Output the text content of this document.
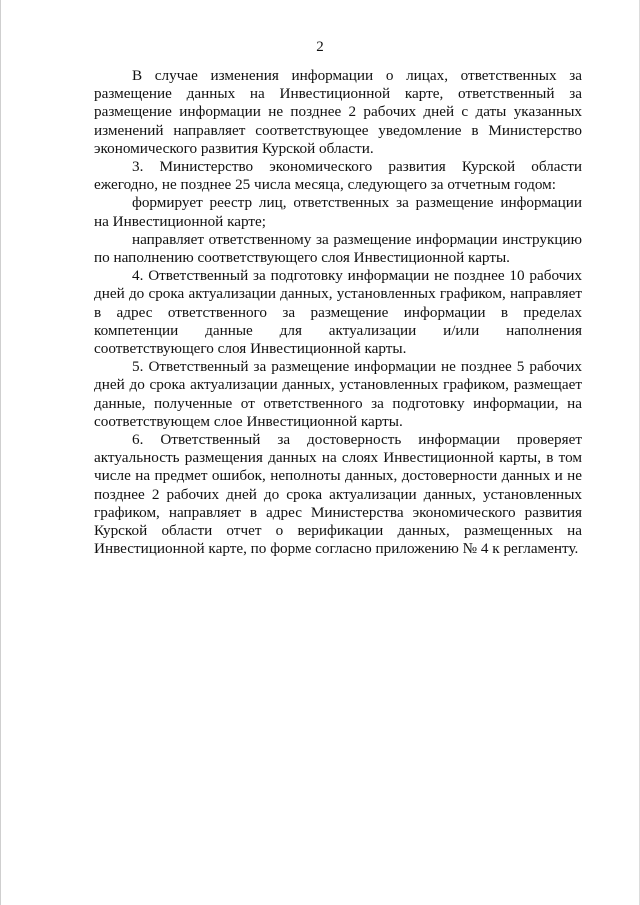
2

В случае изменения информации о лицах, ответственных за размещение данных на Инвестиционной карте, ответственный за размещение информации не позднее 2 рабочих дней с даты указанных изменений направляет соответствующее уведомление в Министерство экономического развития Курской области.

3. Министерство экономического развития Курской области ежегодно, не позднее 25 числа месяца, следующего за отчетным годом:

формирует реестр лиц, ответственных за размещение информации на Инвестиционной карте;

направляет ответственному за размещение информации инструкцию по наполнению соответствующего слоя Инвестиционной карты.

4. Ответственный за подготовку информации не позднее 10 рабочих дней до срока актуализации данных, установленных графиком, направляет в адрес ответственного за размещение информации в пределах компетенции данные для актуализации и/или наполнения соответствующего слоя Инвестиционной карты.

5. Ответственный за размещение информации не позднее 5 рабочих дней до срока актуализации данных, установленных графиком, размещает данные, полученные от ответственного за подготовку информации, на соответствующем слое Инвестиционной карты.

6. Ответственный за достоверность информации проверяет актуальность размещения данных на слоях Инвестиционной карты, в том числе на предмет ошибок, неполноты данных, достоверности данных и не позднее 2 рабочих дней до срока актуализации данных, установленных графиком, направляет в адрес Министерства экономического развития Курской области отчет о верификации данных, размещенных на Инвестиционной карте, по форме согласно приложению № 4 к регламенту.
